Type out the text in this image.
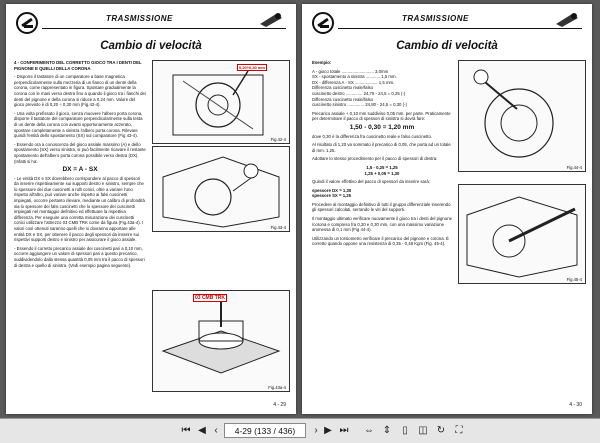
TRASMISSIONE
Cambio di velocità

4 - CONFERIMENTO DEL CORRETTO GIOCO TRA I DENTI DEL PIGNONE E QUELLI DELLA CORONA

- Disporre il tastatore di un comparatore a base magnetica perpendicolarmente sulla mezzeria di un fianco di un dente della corona, come rappresentato in figura. Spostare gradualmente la corona con le mani verso destra fino a quando il gioco tra i fianchi dei denti del pignone e della corona si riduce a 0,24 mm. Valore del gioco previsto è di 0,20 ÷ 0,30 mm (Fig.42-4).

- Una volta prefissato il gioco, senza muovere l'albero porta corona, disporre il tastatore del comparatore perpendicolarmente sulla testa di un dente della corona con avanti opportunamente azzerato, spostare completamente a sinistra l'albero porta corona. Rilevare quindi l'entità dello spostamento (SX) sul comparatore (Fig 43-4).

- Essendo ora a conoscenza del gioco assiale massimo (A) e dello spostamento (SX) verso sinistra, si può facilmente ricavare il restante spostamento dell'albero porta corona possibile verso destra (DX). (Infatti si ha:

DX = A - SX

- Le entità DX e SX dovrebbero corrispondere al pacco di spessori da inserire rispettivamente sui supporti destro e sinistro, sempre che lo spessore dei due cuscinetti a rulli conici, oltre a variare l'uno rispetto all'altro, può variare anche rispetto ai falsi cuscinetti impiegati, occorre pertanto rilevare, mediante un calibro di profondità sia lo spessore dei falsi cuscinetti che lo spessore dei cuscinetti impiegati nel montaggio definitivo ed effettuare la rispettiva differenza. Per eseguire una corretta misurazione dei cuscinetti conici utilizzare l'attrezzo 03 CMB TRK come da figura (Fig.43a-4). I valori così ottenuti saranno quelli che si dovranno apportare alle entità DX e SX, per ottenere il pacco degli spessori da inserire sui rispettivi supporti destro e sinistro per assicurare il gioco assiale.

- Essendo il corretto precarico assiale dei cuscinetti pari a 0,10 mm, occorre aggiungere un valore di spessori pari a questo precarico, suddividendolo dalla stessa quantità 0,05 mm tra il pacco di spessori di destra e quello di sinistra. (Vedi esempio pagina seguente).

0,20÷0,30 mm
Fig.42-4
Fig.43-4
03 CMB TRK
Fig.43a-4
4 - 29
TRASMISSIONE
Cambio di velocità

Esempio:

A - gioco totale ........................... 3,0mm
SX - spostamento a sinistra ............ 1,5 mm.
DX - differenza A - SX ................... 1,5 mm.
Differenza cuscinetto reale/falso
cuscinetto destro .............. 24,75 - 24,5 = 0,25 (-)
Differenza cuscinetto reale/falso
cuscinetto sinistro .............. 24,80 - 24,5 = 0,30 (-)

Precarico assiale + 0,10 mm suddiviso 0,05 mm. per parte. Praticamente per determinare il pacco di spessori di sinistra si dovrà fare:

1,50 - 0,30 = 1,20 mm

dove 0,30 è la differenza fra cuscinetto reale e falso cuscinetto.

Al risultato di 1,20 va sommato il precarico di 0,05, che porta ad un totale di mm. 1,25.

Adottare lo stesso procedimento per il pacco di spessori di destra:

1,5 - 0,25 = 1,25
1,25 + 0,05 = 1,30

Quindi il valore effettivo del pacco di spessori da inserire sarà:

spessore DX = 1,30
spessore SX = 1,25

Procedere al montaggio definitivo di tutti il gruppo differenziale inserendo gli spessori calcolati, serrando le viti del supporti.

Il montaggio ultimato verificare nuovamente il gioco tra i denti del pignone /corona e compreso fra 0,20 e 0,30 mm, con una massimo variazione ammessa di 0,1 mm (Fig 44-4).

Utilizzando un torsiometro verificare il precarico del pignone e corona. È corretto quando oppone una resistenza di 0,35 - 0,48 Kgm (Fig. 45-4).

Fig.44-4
Fig.45-4
4 - 30
⏮ ◀ ‹	4-29 (133 / 436)	› ▶ ⏭ ⇔ ⇕	▯	◫ ↻	⛶
